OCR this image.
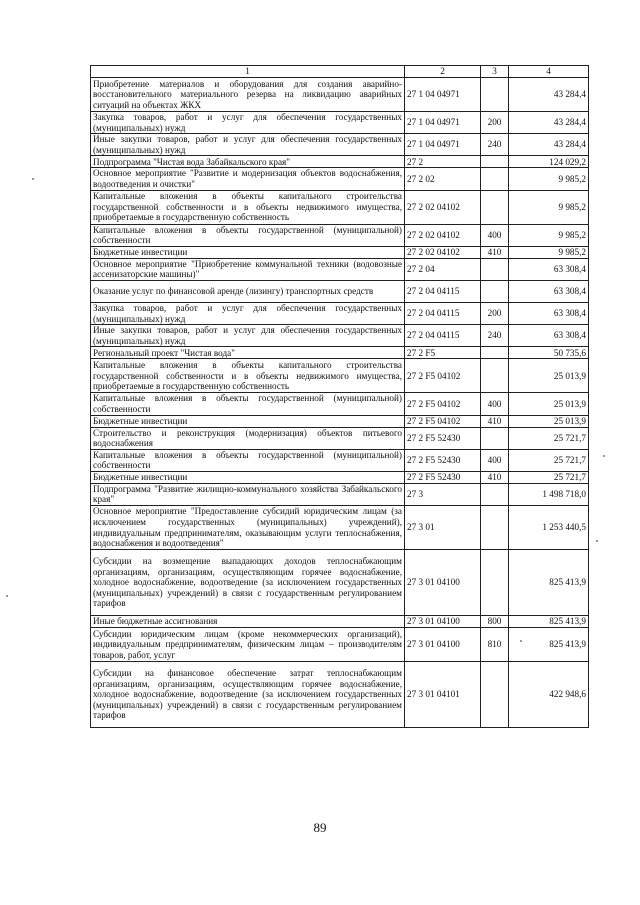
1	2	3	4
Приобретение материалов и оборудования для создания аварийно-восстановительного материального резерва на ликвидацию аварийных ситуаций на объектах ЖКХ	27 1 04 04971		43 284,4
Закупка товаров, работ и услуг для обеспечения государственных (муниципальных) нужд	27 1 04 04971	200	43 284,4
Иные закупки товаров, работ и услуг для обеспечения государственных (муниципальных) нужд	27 1 04 04971	240	43 284,4
Подпрограмма "Чистая вода Забайкальского края"	27 2		124 029,2
Основное мероприятие "Развитие и модернизация объектов водоснабжения, водоотведения и очистки"	27 2 02		9 985,2
Капитальные вложения в объекты капитального строительства государственной собственности и в объекты недвижимого имущества, приобретаемые в государственную собственность	27 2 02 04102		9 985,2
Капитальные вложения в объекты государственной (муниципальной) собственности	27 2 02 04102	400	9 985,2
Бюджетные инвестиции	27 2 02 04102	410	9 985,2
Основное мероприятие "Приобретение коммунальной техники (водовозные ассенизаторские машины)"	27 2 04		63 308,4
Оказание услуг по финансовой аренде (лизингу) транспортных средств	27 2 04 04115		63 308,4
Закупка товаров, работ и услуг для обеспечения государственных (муниципальных) нужд	27 2 04 04115	200	63 308,4
Иные закупки товаров, работ и услуг для обеспечения государственных (муниципальных) нужд	27 2 04 04115	240	63 308,4
Региональный проект "Чистая вода"	27 2 F5		50 735,6
Капитальные вложения в объекты капитального строительства государственной собственности и в объекты недвижимого имущества, приобретаемые в государственную собственность	27 2 F5 04102		25 013,9
Капитальные вложения в объекты государственной (муниципальной) собственности	27 2 F5 04102	400	25 013,9
Бюджетные инвестиции	27 2 F5 04102	410	25 013,9
Строительство и реконструкция (модернизация) объектов питьевого водоснабжения	27 2 F5 52430		25 721,7
Капитальные вложения в объекты государственной (муниципальной) собственности	27 2 F5 52430	400	25 721,7
Бюджетные инвестиции	27 2 F5 52430	410	25 721,7
Подпрограмма "Развитие жилищно-коммунального хозяйства Забайкальского края"	27 3		1 498 718,0
Основное мероприятие "Предоставление субсидий юридическим лицам (за исключением государственных (муниципальных) учреждений), индивидуальным предпринимателям, оказывающим услуги теплоснабжения, водоснабжения и водоотведения"	27 3 01		1 253 440,5
Субсидии на возмещение выпадающих доходов теплоснабжающим организациям, организациям, осуществляющим горячее водоснабжение, холодное водоснабжение, водоотведение (за исключением государственных (муниципальных) учреждений) в связи с государственным регулированием тарифов	27 3 01 04100		825 413,9
Иные бюджетные ассигнования	27 3 01 04100	800	825 413,9
Субсидии юридическим лицам (кроме некоммерческих организаций), индивидуальным предпринимателям, физическим лицам – производителям товаров, работ, услуг	27 3 01 04100	810	825 413,9
Субсидии на финансовое обеспечение затрат теплоснабжающим организациям, организациям, осуществляющим горячее водоснабжение, холодное водоснабжение, водоотведение (за исключением государственных (муниципальных) учреждений) в связи с государственным регулированием тарифов	27 3 01 04101		422 948,6
89
